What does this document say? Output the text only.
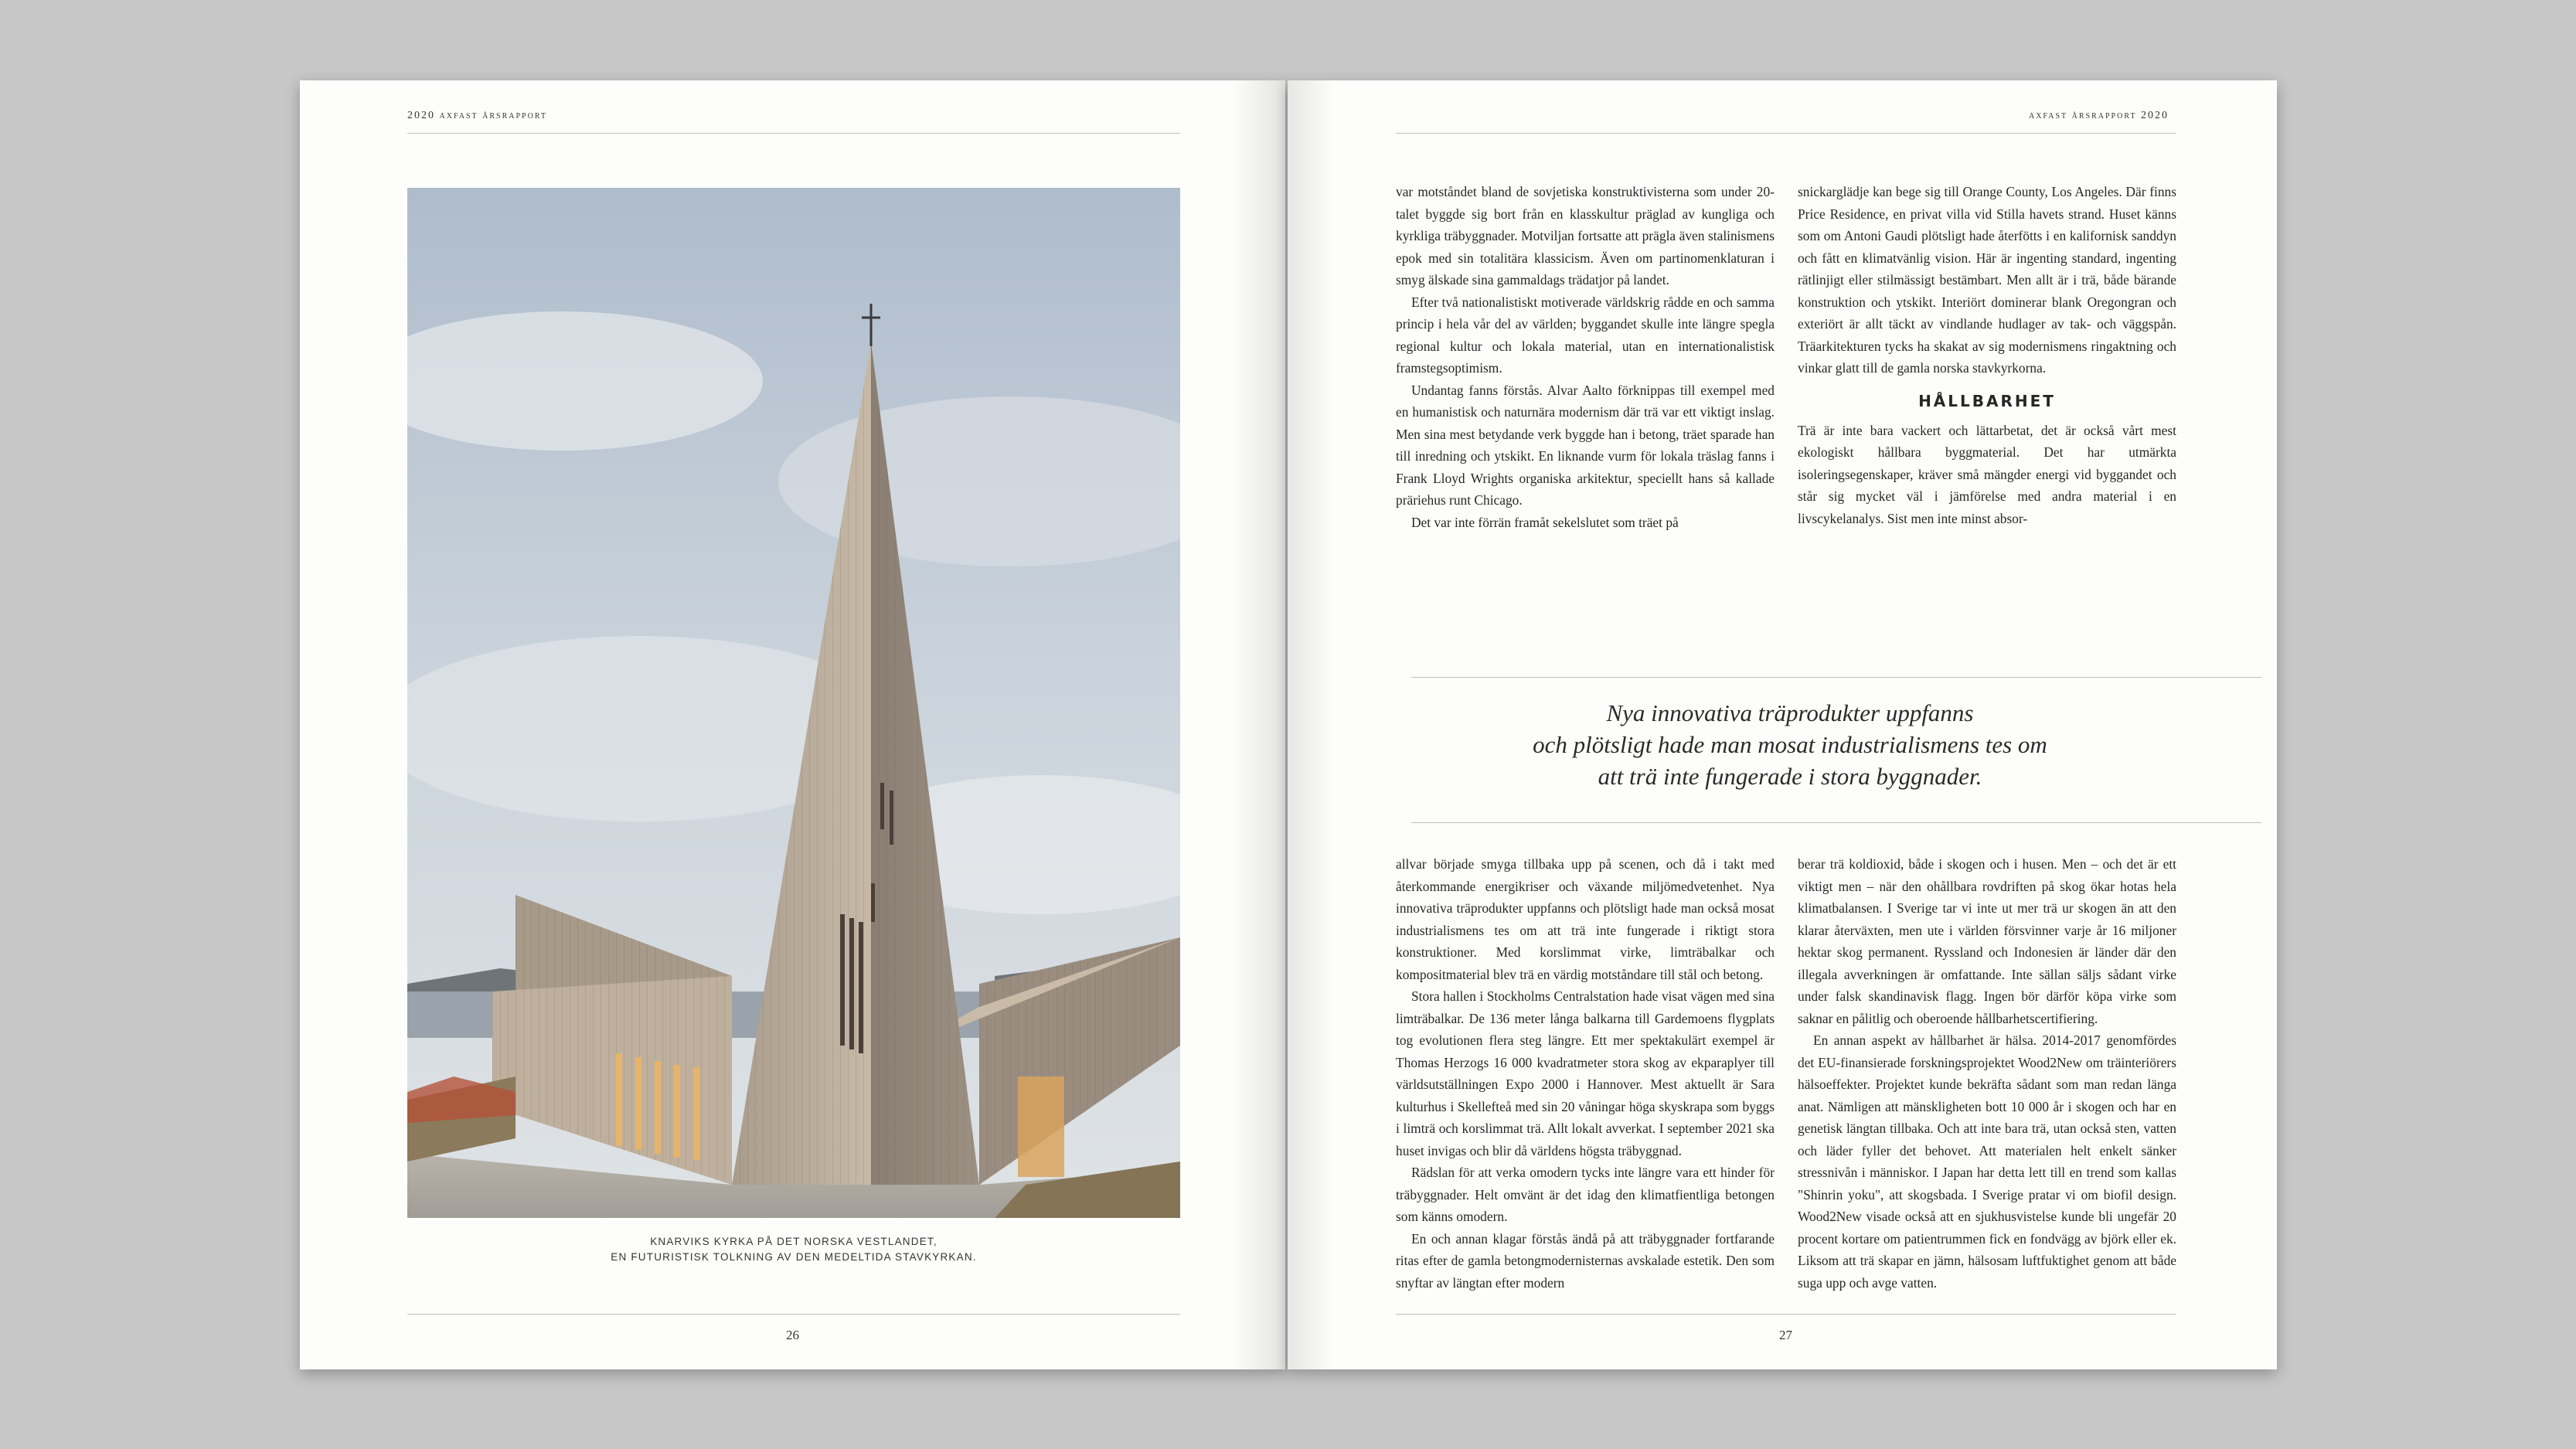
2020 axfast årsrapport
KNARVIKS KYRKA PÅ DET NORSKA VESTLANDET,
EN FUTURISTISK TOLKNING AV DEN MEDELTIDA STAVKYRKAN.
26
axfast årsrapport 2020

var motståndet bland de sovjetiska konstruktivisterna som under 20-talet byggde sig bort från en klasskultur präglad av kungliga och kyrkliga träbyggnader. Motviljan fortsatte att prägla även stalinismens epok med sin totalitära klassicism. Även om partinomenklaturan i smyg älskade sina gammaldags trädatjor på landet.

Efter två nationalistiskt motiverade världskrig rådde en och samma princip i hela vår del av världen; byggandet skulle inte längre spegla regional kultur och lokala material, utan en internationalistisk framstegsoptimism.

Undantag fanns förstås. Alvar Aalto förknippas till exempel med en humanistisk och naturnära modernism där trä var ett viktigt inslag. Men sina mest betydande verk byggde han i betong, träet sparade han till inredning och ytskikt. En liknande vurm för lokala träslag fanns i Frank Lloyd Wrights organiska arkitektur, speciellt hans så kallade präriehus runt Chicago.

Det var inte förrän framåt sekelslutet som träet på

snickarglädje kan bege sig till Orange County, Los Angeles. Där finns Price Residence, en privat villa vid Stilla havets strand. Huset känns som om Antoni Gaudi plötsligt hade återfötts i en kalifornisk sanddyn och fått en klimatvänlig vision. Här är ingenting standard, ingenting rätlinjigt eller stilmässigt bestämbart. Men allt är i trä, både bärande konstruktion och ytskikt. Interiört dominerar blank Oregongran och exteriört är allt täckt av vindlande hudlager av tak- och väggspån. Träarkitekturen tycks ha skakat av sig modernismens ringaktning och vinkar glatt till de gamla norska stavkyrkorna.

HÅLLBARHET

Trä är inte bara vackert och lättarbetat, det är också vårt mest ekologiskt hållbara byggmaterial. Det har utmärkta isoleringsegenskaper, kräver små mängder energi vid byggandet och står sig mycket väl i jämförelse med andra material i en livscykelanalys. Sist men inte minst absor-

Nya innovativa träprodukter uppfanns
och plötsligt hade man mosat industrialismens tes om
att trä inte fungerade i stora byggnader.

allvar började smyga tillbaka upp på scenen, och då i takt med återkommande energikriser och växande miljömedvetenhet. Nya innovativa träprodukter uppfanns och plötsligt hade man också mosat industrialismens tes om att trä inte fungerade i riktigt stora konstruktioner. Med korslimmat virke, limträbalkar och kompositmaterial blev trä en värdig motståndare till stål och betong.

Stora hallen i Stockholms Centralstation hade visat vägen med sina limträbalkar. De 136 meter långa balkarna till Gardemoens flygplats tog evolutionen flera steg längre. Ett mer spektakulärt exempel är Thomas Herzogs 16 000 kvadratmeter stora skog av ekparaplyer till världsutställningen Expo 2000 i Hannover. Mest aktuellt är Sara kulturhus i Skellefteå med sin 20 våningar höga skyskrapa som byggs i limträ och korslimmat trä. Allt lokalt avverkat. I september 2021 ska huset invigas och blir då världens högsta träbyggnad.

Rädslan för att verka omodern tycks inte längre vara ett hinder för träbyggnader. Helt omvänt är det idag den klimatfientliga betongen som känns omodern.

En och annan klagar förstås ändå på att träbyggnader fortfarande ritas efter de gamla betongmodernisternas avskalade estetik. Den som snyftar av längtan efter modern

berar trä koldioxid, både i skogen och i husen. Men – och det är ett viktigt men – när den ohållbara rovdriften på skog ökar hotas hela klimatbalansen. I Sverige tar vi inte ut mer trä ur skogen än att den klarar återväxten, men ute i världen försvinner varje år 16 miljoner hektar skog permanent. Ryssland och Indonesien är länder där den illegala avverkningen är omfattande. Inte sällan säljs sådant virke under falsk skandinavisk flagg. Ingen bör därför köpa virke som saknar en pålitlig och oberoende hållbarhetscertifiering.

En annan aspekt av hållbarhet är hälsa. 2014-2017 genomfördes det EU-finansierade forskningsprojektet Wood2New om träinteriörers hälsoeffekter. Projektet kunde bekräfta sådant som man redan länga anat. Nämligen att mänskligheten bott 10 000 år i skogen och har en genetisk längtan tillbaka. Och att inte bara trä, utan också sten, vatten och läder fyller det behovet. Att materialen helt enkelt sänker stressnivån i människor. I Japan har detta lett till en trend som kallas "Shinrin yoku", att skogsbada. I Sverige pratar vi om biofil design. Wood2New visade också att en sjukhusvistelse kunde bli ungefär 20 procent kortare om patientrummen fick en fondvägg av björk eller ek. Liksom att trä skapar en jämn, hälsosam luftfuktighet genom att både suga upp och avge vatten.

27
